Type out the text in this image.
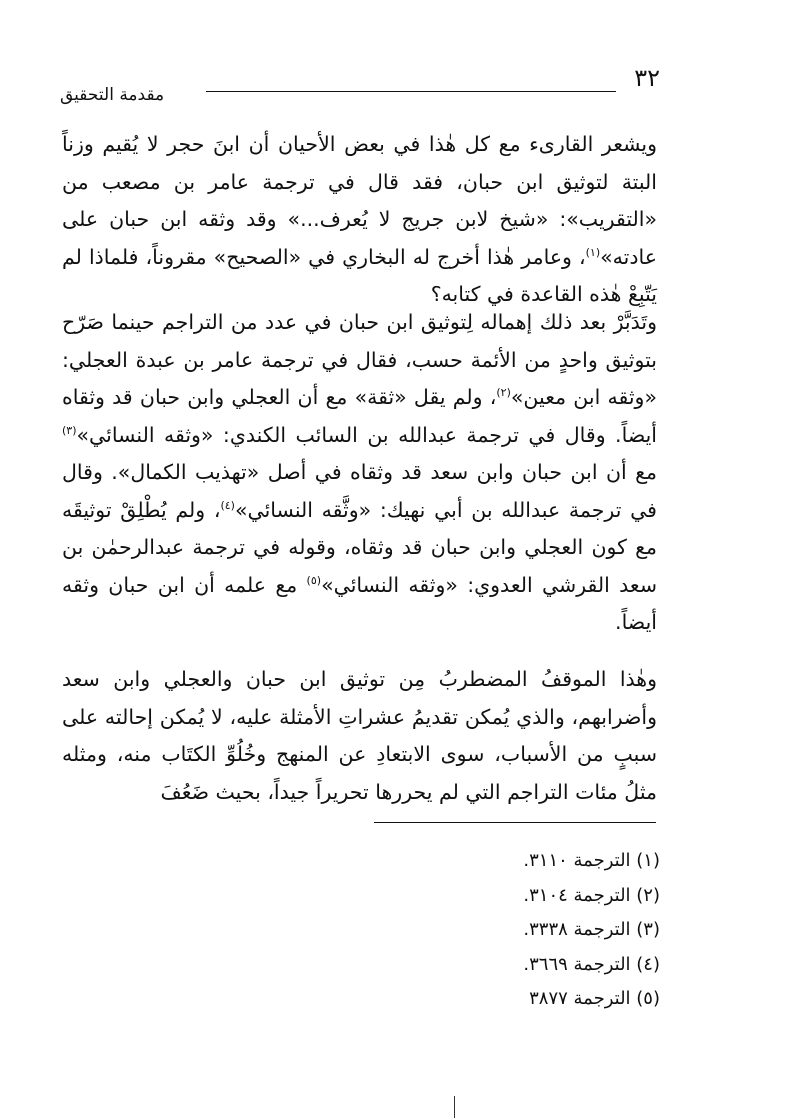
٣٢
مقدمة التحقيق

ويشعر القارىء مع كل هٰذا في بعض الأحيان أن ابنَ حجر لا يُقيم وزناً البتة لتوثيق ابن حبان، فقد قال في ترجمة عامر بن مصعب من «التقريب»: «شيخ لابن جريج لا يُعرف...» وقد وثقه ابن حبان على عادته»$^{(١)}$، وعامر هٰذا أخرج له البخاري في «الصحيح» مقروناً، فلماذا لم يَتّبِعْ هٰذه القاعدة في كتابه؟

وتَدَبَّرْ بعد ذلك إهماله لِتوثيق ابن حبان في عدد من التراجم حينما صَرّح بتوثيق واحدٍ من الأئمة حسب، فقال في ترجمة عامر بن عبدة العجلي: «وثقه ابن معين»$^{(٢)}$، ولم يقل «ثقة» مع أن العجلي وابن حبان قد وثقاه أيضاً. وقال في ترجمة عبدالله بن السائب الكندي: «وثقه النسائي»$^{(٣)}$ مع أن ابن حبان وابن سعد قد وثقاه في أصل «تهذيب الكمال». وقال في ترجمة عبدالله بن أبي نهيك: «وثَّقه النسائي»$^{(٤)}$، ولم يُطْلِقْ توثيقَه مع كون العجلي وابن حبان قد وثقاه، وقوله في ترجمة عبدالرحمٰن بن سعد القرشي العدوي: «وثقه النسائي»$^{(٥)}$ مع علمه أن ابن حبان وثقه أيضاً.

وهٰذا الموقفُ المضطربُ مِن توثيق ابن حبان والعجلي وابن سعد وأضرابهم، والذي يُمكن تقديمُ عشراتِ الأمثلة عليه، لا يُمكن إحالته على سببٍ من الأسباب، سوى الابتعادِ عن المنهج وخُلُوِّ الكتَاب منه، ومثله مثلُ مئات التراجم التي لم يحررها تحريراً جيداً، بحيث ضَعُفَ

(١) الترجمة ٣١١٠.
(٢) الترجمة ٣١٠٤.
(٣) الترجمة ٣٣٣٨.
(٤) الترجمة ٣٦٦٩.
(٥) الترجمة ٣٨٧٧
